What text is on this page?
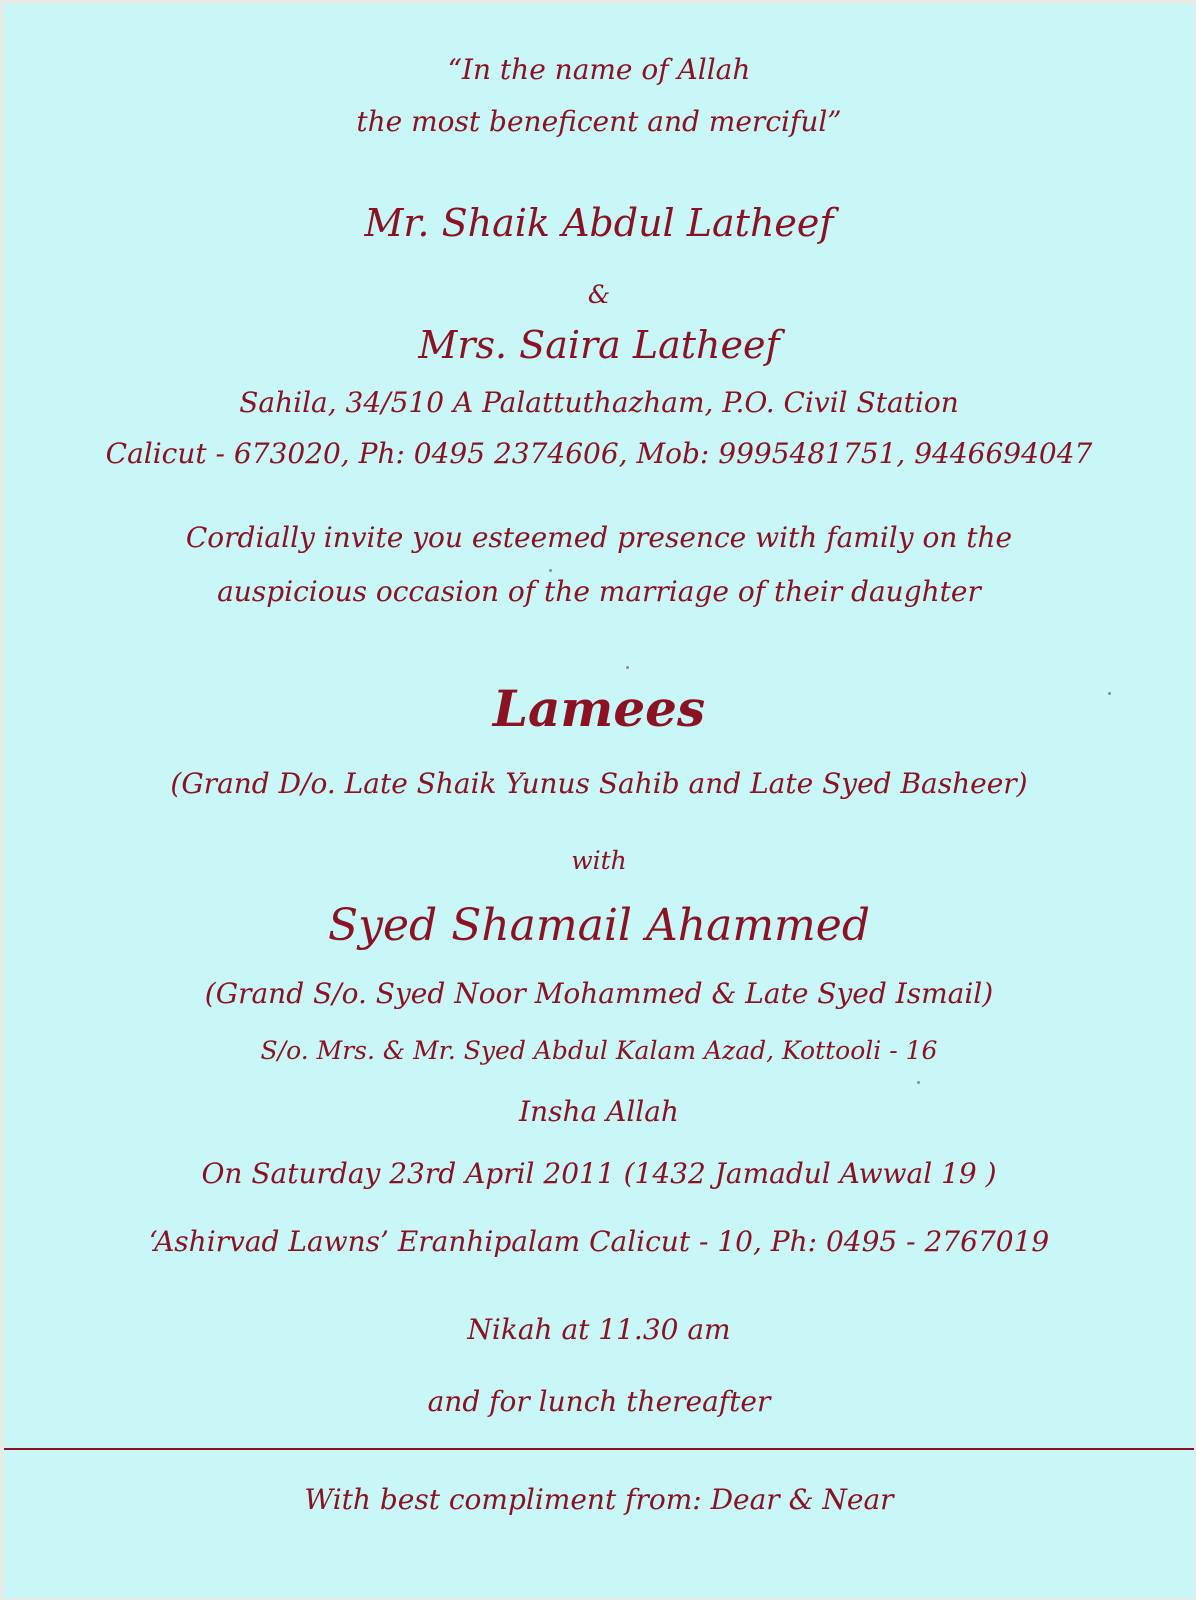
“In the name of Allah
the most beneficent and merciful”
Mr. Shaik Abdul Latheef
&
Mrs. Saira Latheef
Sahila, 34/510 A Palattuthazham, P.O. Civil Station
Calicut - 673020, Ph: 0495 2374606, Mob: 9995481751, 9446694047
Cordially invite you esteemed presence with family on the
auspicious occasion of the marriage of their daughter
Lamees
(Grand D/o. Late Shaik Yunus Sahib and Late Syed Basheer)
with
Syed Shamail Ahammed
(Grand S/o. Syed Noor Mohammed & Late Syed Ismail)
S/o. Mrs. & Mr. Syed Abdul Kalam Azad, Kottooli - 16
Insha Allah
On Saturday 23rd April 2011 (1432 Jamadul Awwal 19 )
‘Ashirvad Lawns’ Eranhipalam Calicut - 10, Ph: 0495 - 2767019
Nikah at 11.30 am
and for lunch thereafter
With best compliment from: Dear & Near
